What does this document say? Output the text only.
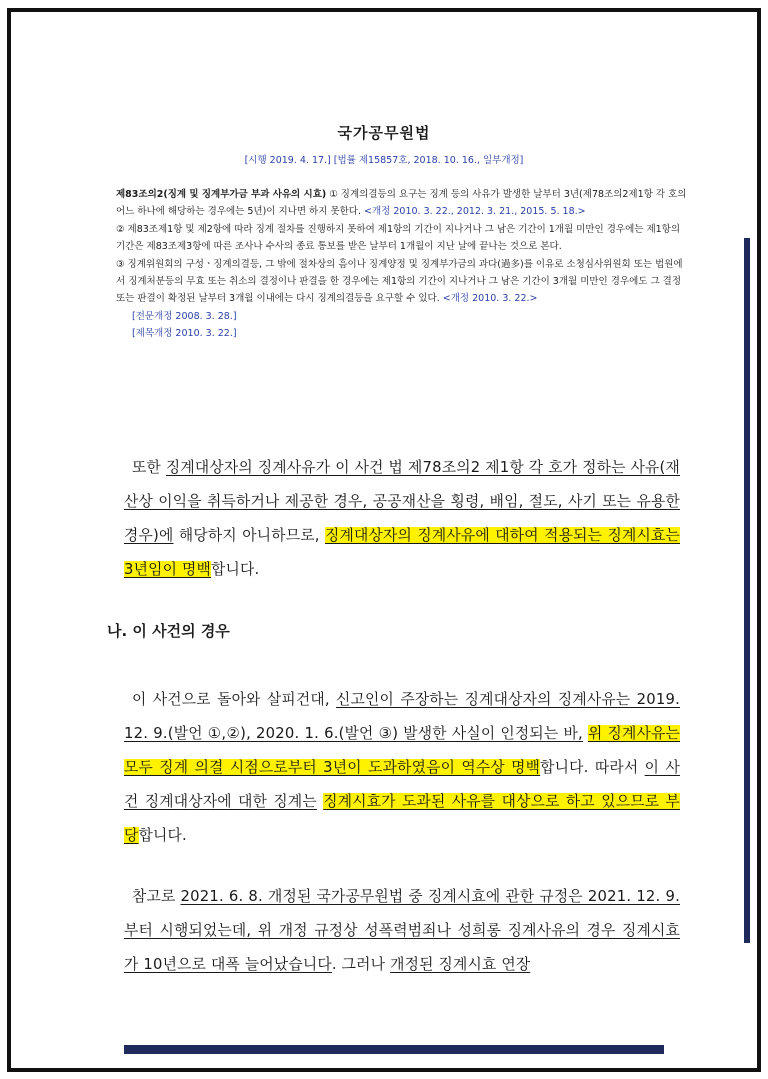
국가공무원법
[시행 2019. 4. 17.] [법률 제15857호, 2018. 10. 16., 일부개정]

제83조의2(징계 및 징계부가금 부과 사유의 시효) ① 징계의결등의 요구는 징계 등의 사유가 발생한 날부터 3년(제78조의2제1항 각 호의 어느 하나에 해당하는 경우에는 5년)이 지나면 하지 못한다. <개정 2010. 3. 22., 2012. 3. 21., 2015. 5. 18.>

② 제83조제1항 및 제2항에 따라 징계 절차를 진행하지 못하여 제1항의 기간이 지나거나 그 남은 기간이 1개월 미만인 경우에는 제1항의 기간은 제83조제3항에 따른 조사나 수사의 종료 통보를 받은 날부터 1개월이 지난 날에 끝나는 것으로 본다.

③ 징계위원회의 구성ㆍ징계의결등, 그 밖에 절차상의 흠이나 징계양정 및 징계부가금의 과다(過多)를 이유로 소청심사위원회 또는 법원에서 징계처분등의 무효 또는 취소의 결정이나 판결을 한 경우에는 제1항의 기간이 지나거나 그 남은 기간이 3개월 미만인 경우에도 그 결정 또는 판결이 확정된 날부터 3개월 이내에는 다시 징계의결등을 요구할 수 있다. <개정 2010. 3. 22.>

[전문개정 2008. 3. 28.]

[제목개정 2010. 3. 22.]

또한 징계대상자의 징계사유가 이 사건 법 제78조의2 제1항 각 호가 정하는 사유(재산상 이익을 취득하거나 제공한 경우, 공공재산을 횡령, 배임, 절도, 사기 또는 유용한 경우)에 해당하지 아니하므로, 징계대상자의 징계사유에 대하여 적용되는 징계시효는 3년임이 명백합니다.
나. 이 사건의 경우
이 사건으로 돌아와 살피건대, 신고인이 주장하는 징계대상자의 징계사유는 2019. 12. 9.(발언 ①,②), 2020. 1. 6.(발언 ③) 발생한 사실이 인정되는 바, 위 징계사유는 모두 징계 의결 시점으로부터 3년이 도과하였음이 역수상 명백합니다. 따라서 이 사건 징계대상자에 대한 징계는 징계시효가 도과된 사유를 대상으로 하고 있으므로 부당합니다.
참고로 2021. 6. 8. 개정된 국가공무원법 중 징계시효에 관한 규정은 2021. 12. 9.부터 시행되었는데, 위 개정 규정상 성폭력범죄나 성희롱 징계사유의 경우 징계시효가 10년으로 대폭 늘어났습니다. 그러나 개정된 징계시효 연장
